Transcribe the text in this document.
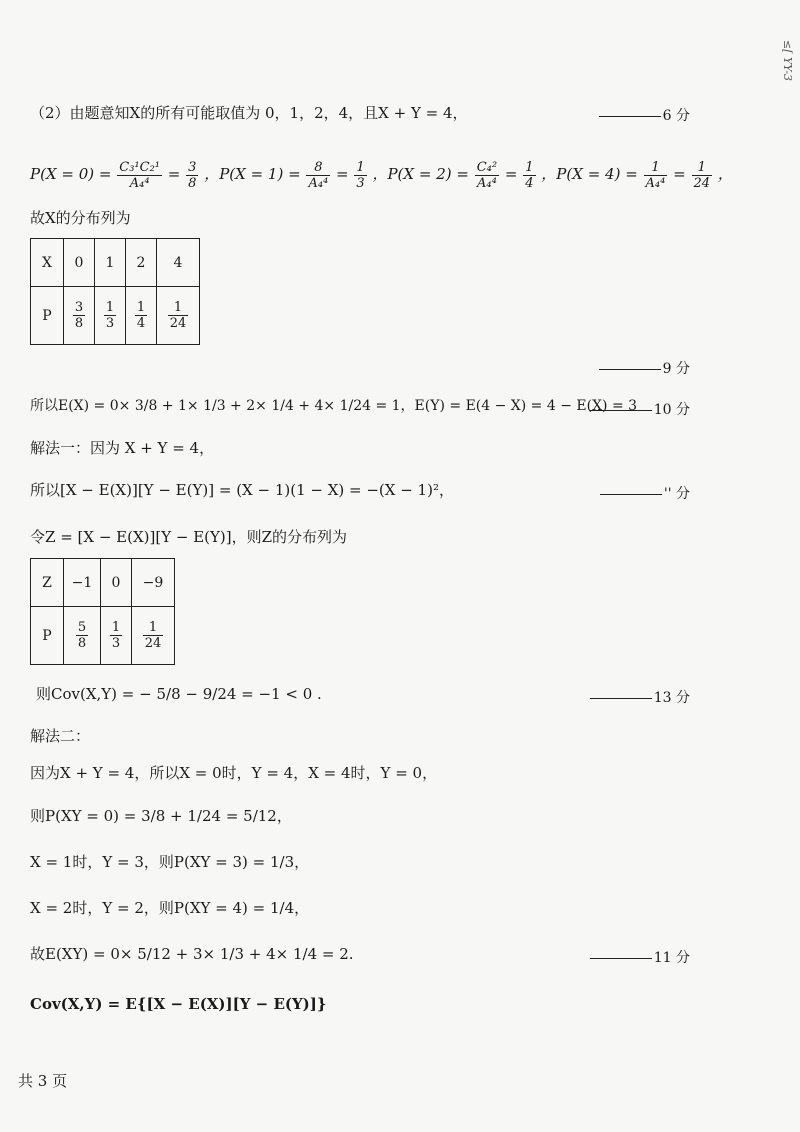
≤[ YY-3
（2）由题意知X的所有可能取值为 0，1，2，4，且X + Y = 4，	6 分
$P(X = 0) = \frac{\text{C₃¹C₂¹}}{\text{A₄⁴}} = \frac{3}{8}$ ，$P(X = 1) = \frac{8}{\text{A₄⁴}} = \frac{1}{3}$ ，$P(X = 2) = \frac{\text{C₄²}}{\text{A₄⁴}} = \frac{1}{4}$ ，$P(X = 4) = \frac{1}{\text{A₄⁴}} = \frac{1}{24}$ ，
故X的分布列为
X	0	1	2	4
P	$\frac{3}{8}$	$\frac{1}{3}$	$\frac{1}{4}$	$\frac{1}{24}$
9 分
所以E(X) = 0× 3/8 + 1× 1/3 + 2× 1/4 + 4× 1/24 = 1，E(Y) = E(4 − X) = 4 − E(X) = 3	10 分
解法一：因为 X + Y = 4，
所以[X − E(X)][Y − E(Y)] = (X − 1)(1 − X) = −(X − 1)²，	'' 分
令Z = [X − E(X)][Y − E(Y)]，则Z的分布列为
Z	−1	0	−9
P	$\frac{5}{8}$	$\frac{1}{3}$	$\frac{1}{24}$
则Cov(X,Y) = − 5/8 − 9/24 = −1 < 0 .	13 分
解法二：
因为X + Y = 4，所以X = 0时，Y = 4，X = 4时，Y = 0，
则P(XY = 0) = 3/8 + 1/24 = 5/12，
X = 1时，Y = 3，则P(XY = 3) = 1/3，
X = 2时，Y = 2，则P(XY = 4) = 1/4，
故E(XY) = 0× 5/12 + 3× 1/3 + 4× 1/4 = 2.	11 分
Cov(X,Y) = E{[X − E(X)][Y − E(Y)]}
共 3 页
